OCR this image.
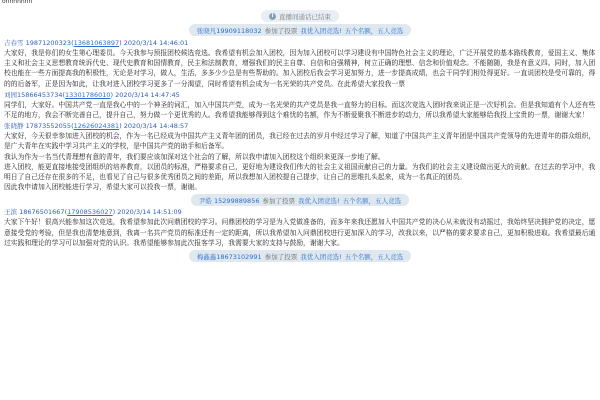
ohhhhhhh
i 直播间通话已结束
张晓凡19909118032 参加了投票 我优入团竞选! 五个名额，五人竞选
吉春雪 19871200323(13681063897) 2020/3/14 14:46:01

大家好，我是你们的女生第心理委员。今天我参与预报团校候选竞选。我希望有机会加入团校，因为加入团校可以学习建设有中国特色社会主义的理论，广泛开展党的基本路线教育，爱国主义、集体主义和社会主义思想教育统诉代史、现代史教育和国情教育，民主和法制教育，增强我们的民主自尊、自信和自强精神，树立正确的理想、信念和价值观念。不能随随，我是有意义四。同时，加入团校也能在一些方面提高我的积极性，无论是对学习，做人，生活，多多少少总是有些帮助的。加入团校后我会学习更加努力，进一步提高成绩，也会干同学们相处得更好。一直说团校是受可靠的，得的的后备军，正是因为如此，让我对进入团校学习更多了一分渴望，同时希望有机会成为一名光荣的共产党员。在此希望大家投我一票

刘园15866453734(13301786010) 2020/3/14 14:47:45

同学们，大家好。中国共产党一直是我心中的一个神圣的词汇，加入中国共产党，成为一名光荣的共产党员是我一直努力的目标。而这次竞选入团时我来说正是一次好机会。但是我知道有个人还有些不足的地方，我会不断完善自己，提升自己，努力做一个更优秀的人。我希望我能够得到这个难忧的名额，作为不断爱聚我不断进步的动力，所以我希望大家能够给我投上宝贵的一票，谢谢大家！

张晓静 17873552055(12626024381) 2020/3/14 14:48:57

大家好，今天很幸参加进入团校的机会，作为一名已经成为中国共产主义青年团的团员，我已经在过去的岁月中经过学习了解，知道了中国共产主义青年团是中国共产党领导的先进青年的群众组织，是广大青年在实践中学习共产主义的学校，是中国共产党的助手和后备军。

我认为作为一名当代青理想有意的青年，我们要应该加深对这个社会的了解，所以我申请加入团校这个组织来更深一步地了解。

进入团校，能更直接地接受团组织的培养教育，以团员的标准，严格要求自己，更好地为建设我们伟大的社会主义祖国贡献自己的力量。为我们的社会主义建设做出更大的贡献。在过去的学习中，我明日了自己还存在很多的不足，也看见了自己与很多优秀团员之间的差距，所以我想加入团校提自己提步，让自己的思维扎头起来，成为一名真正的团员。

因此我申请加入团校能进行学习，希望大家可以投我一票，谢谢。

尹皓 15299889856 参加了投票 我优入团竞选! 五个名额，五人竞选
王滨 18676501667(17908536027) 2020/3/14 14:51:09

大家下午好！很高兴能参加这次竞选，我希望参加此次问鼎团校的学习。问鼎团校的学习是为入党做准备的，而多年来我还愿加入中国共产党的决心从未就没有动摇过，我始终坚决拥护党的决定，愿意接受党的考验，但是我也清楚地意到，我离一名共产党员的标准还有一定的距离，所以我希望加入问鼎团校进行更加深入的学习，改我以来，以严格的要求要求自己，更加积极进取。我希望最后通过实践和理论的学习可以加强对党的认识。我希望能够参加此次报客学习，我需要大家的支持与鼓励，谢谢大家。

梅鑫鑫18673102991 参加了投票 我优入团竞选! 五个名额，五人竞选
